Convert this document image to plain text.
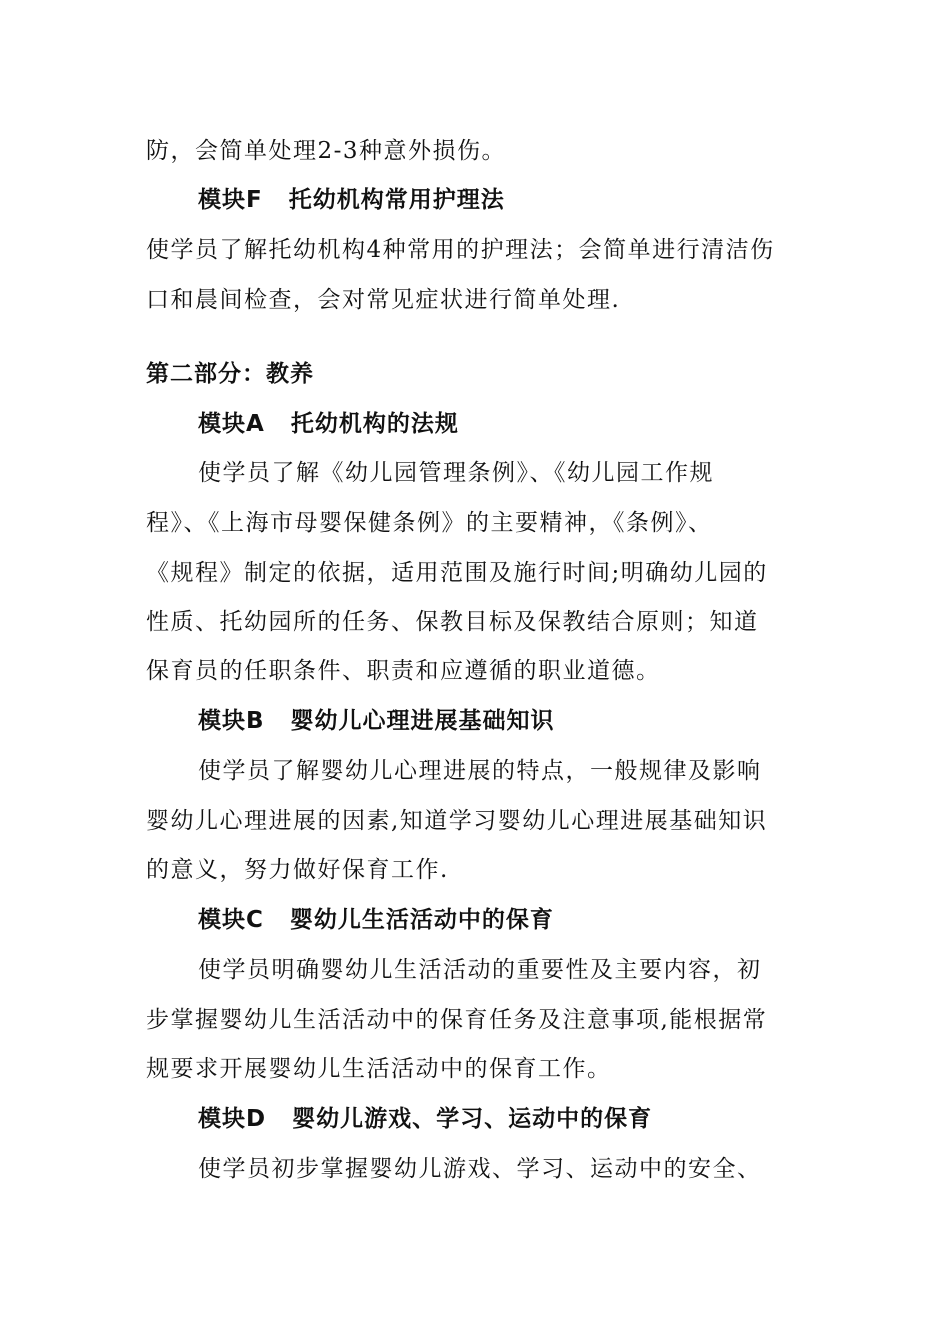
防，会简单处理2-3种意外损伤。
模块F 托幼机构常用护理法
使学员了解托幼机构4种常用的护理法；会简单进行清洁伤
口和晨间检查，会对常见症状进行简单处理.
第二部分：教养
模块A 托幼机构的法规
使学员了解《幼儿园管理条例》、《幼儿园工作规
程》、《上海市母婴保健条例》的主要精神，《条例》、
《规程》制定的依据，适用范围及施行时间;明确幼儿园的
性质、托幼园所的任务、保教目标及保教结合原则；知道
保育员的任职条件、职责和应遵循的职业道德。
模块B 婴幼儿心理进展基础知识
使学员了解婴幼儿心理进展的特点，一般规律及影响
婴幼儿心理进展的因素,知道学习婴幼儿心理进展基础知识
的意义，努力做好保育工作.
模块C 婴幼儿生活活动中的保育
使学员明确婴幼儿生活活动的重要性及主要内容，初
步掌握婴幼儿生活活动中的保育任务及注意事项,能根据常
规要求开展婴幼儿生活活动中的保育工作。
模块D 婴幼儿游戏、学习、运动中的保育
使学员初步掌握婴幼儿游戏、学习、运动中的安全、
